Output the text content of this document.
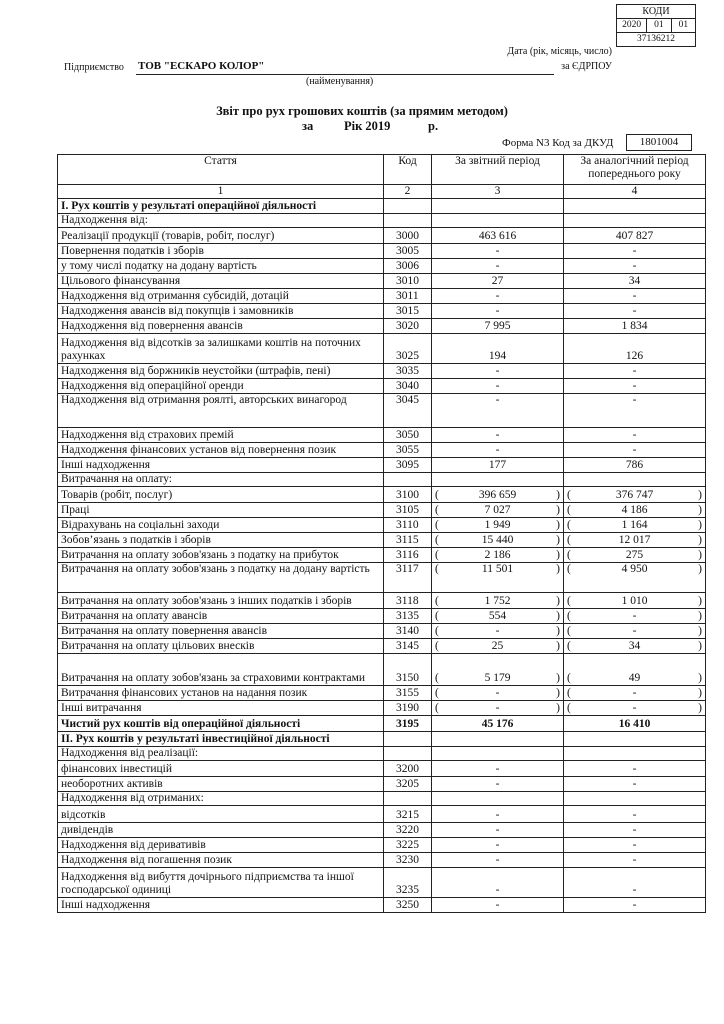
КОДИ
2020	01	01
37136212
Дата (рік, місяць, число)
за ЄДРПОУ
Підприємство ТОВ "ЕСКАРО КОЛОР"
(найменування)
Звіт про рух грошових коштів (за прямим методом)
за Рік 2019	р.
Форма N3 Код за ДКУД	1801004
Стаття	Код	За звітний період	За аналогічний період попереднього року
1	2	3	4
І. Рух коштів у результаті операційної діяльності			
Надходження від:			
Реалізації продукції (товарів, робіт, послуг)	3000	463 616	407 827
Повернення податків і зборів	3005	-	-
у тому числі податку на додану вартість	3006	-	-
Цільового фінансування	3010	27	34
Надходження від отримання субсидій, дотацій	3011	-	-
Надходження авансів від покупців і замовників	3015	-	-
Надходження від повернення авансів	3020	7 995	1 834
Надходження від відсотків за залишками коштів на поточних рахунках	3025	194	126
Надходження від боржників неустойки (штрафів, пені)	3035	-	-
Надходження від операційної оренди	3040	-	-
Надходження від отримання роялті, авторських винагород	3045	-	-
Надходження від страхових премій	3050	-	-
Надходження фінансових установ від повернення позик	3055	-	-
Інші надходження	3095	177	786
Витрачання на оплату:			
Товарів (робіт, послуг)	3100	( 396 659 )	( 376 747 )

Праці	3105	( 7 027 )	( 4 186 )

Відрахувань на соціальні заходи	3110	( 1 949 )	( 1 164 )

Зобов’язань з податків і зборів	3115	( 15 440 )	( 12 017 )

Витрачання на оплату зобов'язань з податку на прибуток	3116	( 2 186 )	( 275 )

Витрачання на оплату зобов'язань з податку на додану вартість	3117	( 11 501 )	( 4 950 )

Витрачання на оплату зобов'язань з інших податків і зборів	3118	( 1 752 )	( 1 010 )

Витрачання на оплату авансів	3135	( 554 )	( - )

Витрачання на оплату повернення авансів	3140	( - )	( - )

Витрачання на оплату цільових внесків	3145	( 25 )	( 34 )

Витрачання на оплату зобов'язань за страховими контрактами	3150	( 5 179 )	( 49 )

Витрачання фінансових установ на надання позик	3155	( - )	( - )

Інші витрачання	3190	( - )	( - )

Чистий рух коштів від операційної діяльності	3195	45 176	16 410
ІІ. Рух коштів у результаті інвестиційної діяльності			
Надходження від реалізації:			
фінансових інвестицій	3200	-	-
необоротних активів	3205	-	-
Надходження від отриманих:			
відсотків	3215	-	-
дивідендів	3220	-	-
Надходження від деривативів	3225	-	-
Надходження від погашення позик	3230	-	-
Надходження від вибуття дочірнього підприємства та іншої господарської одиниці	3235	-	-
Інші надходження	3250	-	-
